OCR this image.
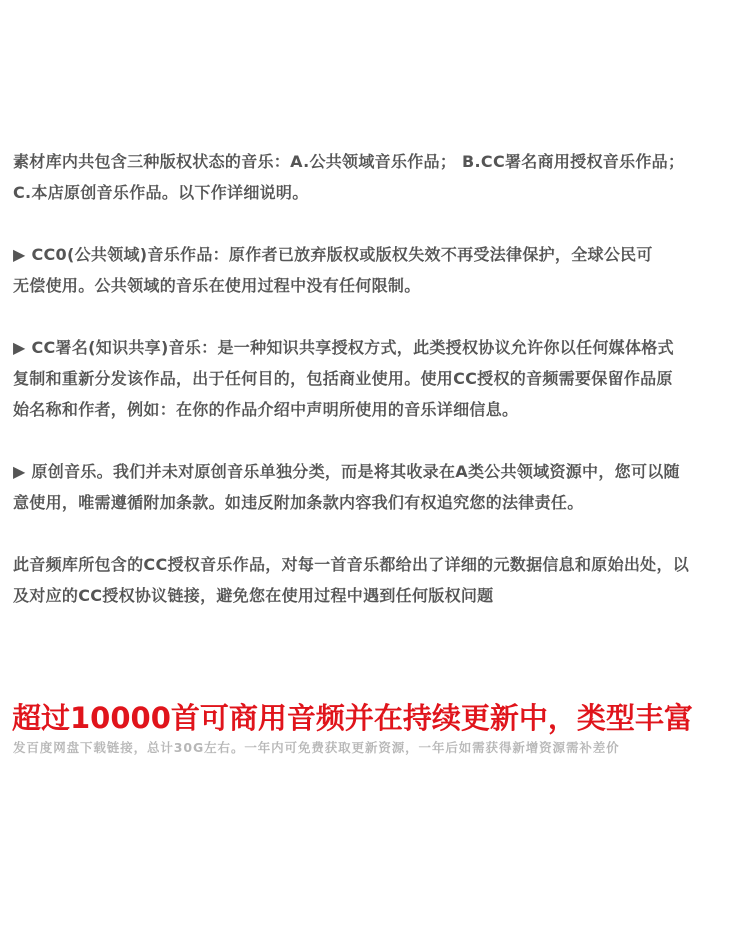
素材库内共包含三种版权状态的音乐：A.公共领域音乐作品； B.CC署名商用授权音乐作品；

C.本店原创音乐作品。以下作详细说明。

▶ CC0(公共领域)音乐作品：原作者已放弃版权或版权失效不再受法律保护，全球公民可

无偿使用。公共领域的音乐在使用过程中没有任何限制。

▶ CC署名(知识共享)音乐：是一种知识共享授权方式，此类授权协议允许你以任何媒体格式

复制和重新分发该作品，出于任何目的，包括商业使用。使用CC授权的音频需要保留作品原

始名称和作者，例如：在你的作品介绍中声明所使用的音乐详细信息。

▶ 原创音乐。我们并未对原创音乐单独分类，而是将其收录在A类公共领域资源中，您可以随

意使用，唯需遵循附加条款。如违反附加条款内容我们有权追究您的法律责任。

此音频库所包含的CC授权音乐作品，对每一首音乐都给出了详细的元数据信息和原始出处，以

及对应的CC授权协议链接，避免您在使用过程中遇到任何版权问题

超过10000首可商用音频并在持续更新中，类型丰富
发百度网盘下载链接，总计30G左右。一年内可免费获取更新资源，一年后如需获得新增资源需补差价
